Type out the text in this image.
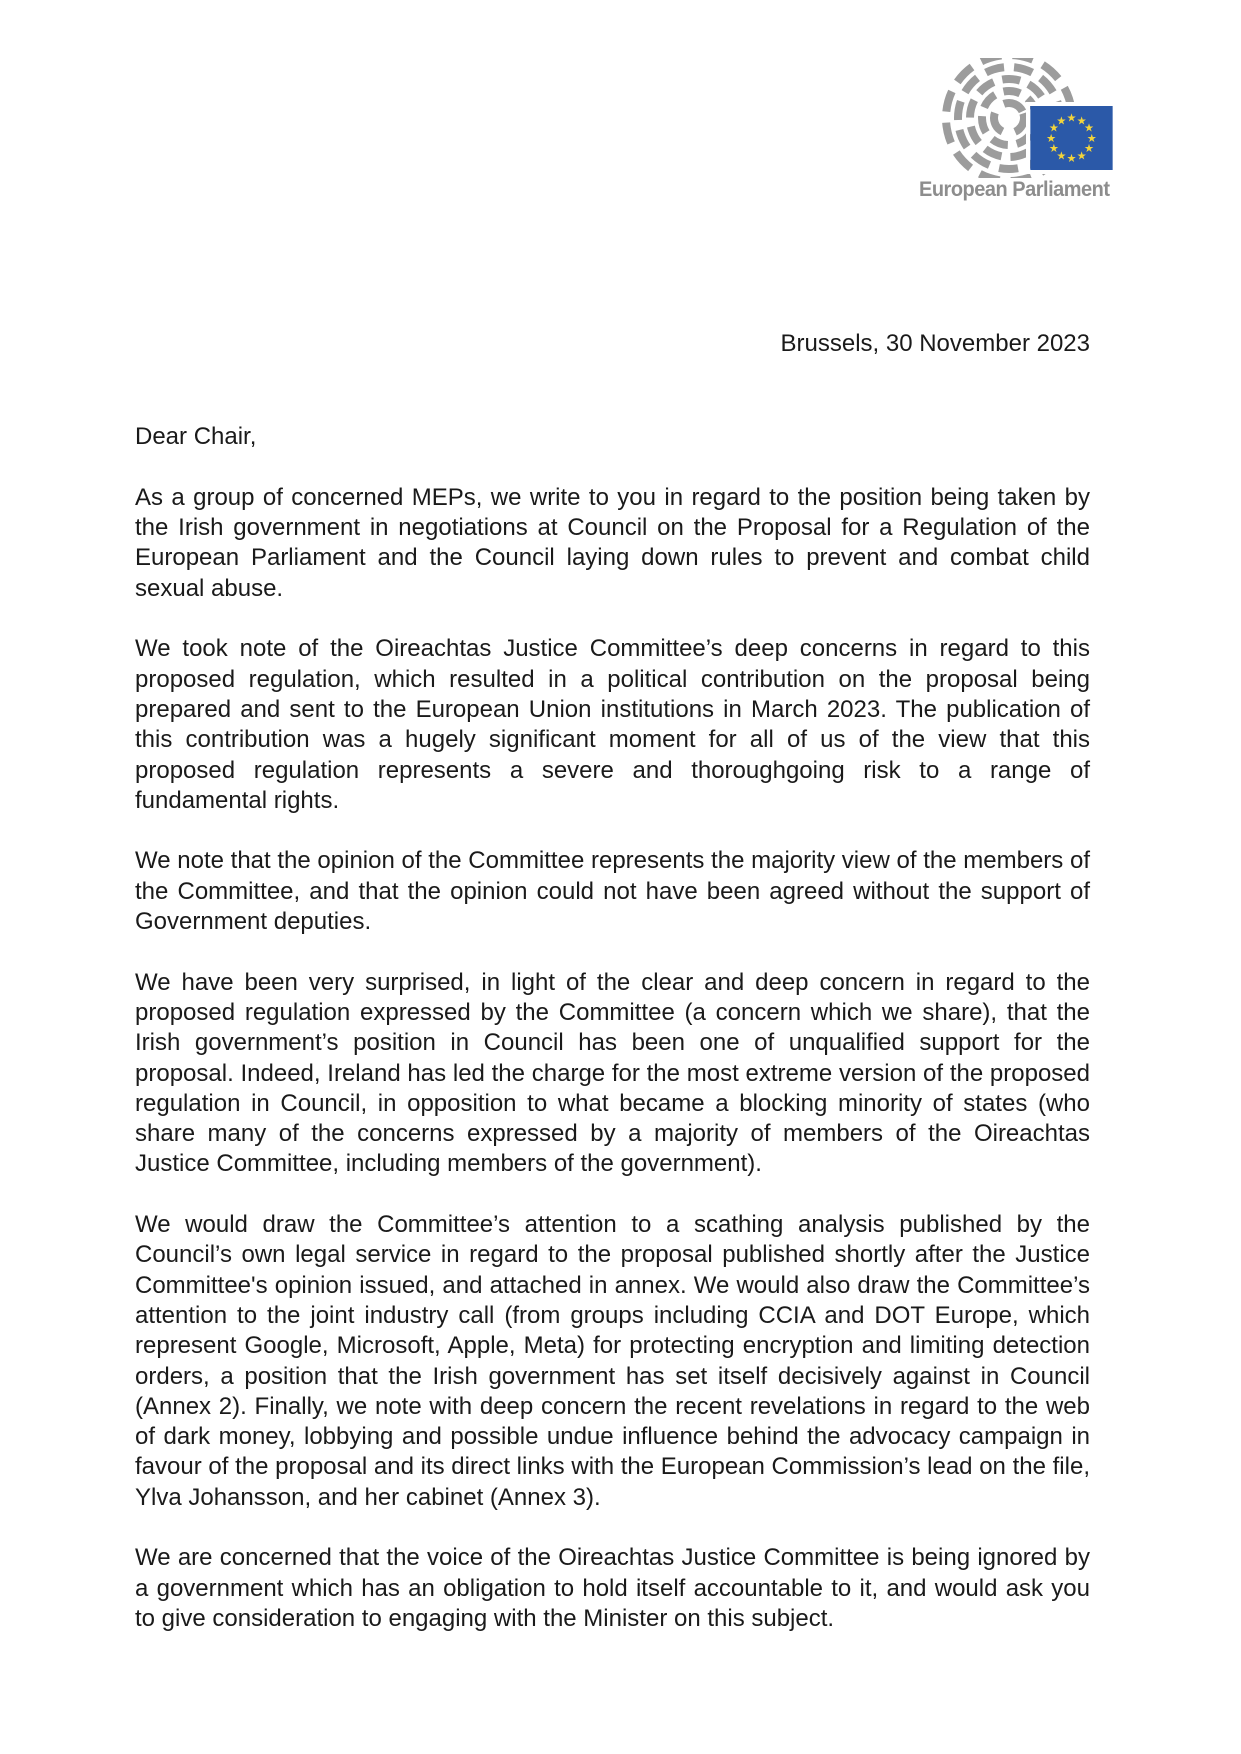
★ ★
★
★
★
★
★
★
★
★
★
★
European Parliament

Brussels, 30 November 2023

Dear Chair,

As a group of concerned MEPs, we write to you in regard to the position being taken by the Irish government in negotiations at Council on the Proposal for a Regulation of the European Parliament and the Council laying down rules to prevent and combat child sexual abuse.

We took note of the Oireachtas Justice Committee’s deep concerns in regard to this proposed regulation, which resulted in a political contribution on the proposal being prepared and sent to the European Union institutions in March 2023. The publication of this contribution was a hugely significant moment for all of us of the view that this proposed regulation represents a severe and thoroughgoing risk to a range of fundamental rights.

We note that the opinion of the Committee represents the majority view of the members of the Committee, and that the opinion could not have been agreed without the support of Government deputies.

We have been very surprised, in light of the clear and deep concern in regard to the proposed regulation expressed by the Committee (a concern which we share), that the Irish government’s position in Council has been one of unqualified support for the proposal. Indeed, Ireland has led the charge for the most extreme version of the proposed regulation in Council, in opposition to what became a blocking minority of states (who share many of the concerns expressed by a majority of members of the Oireachtas Justice Committee, including members of the government).

We would draw the Committee’s attention to a scathing analysis published by the Council’s own legal service in regard to the proposal published shortly after the Justice Committee's opinion issued, and attached in annex. We would also draw the Committee’s attention to the joint industry call (from groups including CCIA and DOT Europe, which represent Google, Microsoft, Apple, Meta) for protecting encryption and limiting detection orders, a position that the Irish government has set itself decisively against in Council (Annex 2). Finally, we note with deep concern the recent revelations in regard to the web of dark money, lobbying and possible undue influence behind the advocacy campaign in favour of the proposal and its direct links with the European Commission’s lead on the file, Ylva Johansson, and her cabinet (Annex 3).

We are concerned that the voice of the Oireachtas Justice Committee is being ignored by a government which has an obligation to hold itself accountable to it, and would ask you to give consideration to engaging with the Minister on this subject.
